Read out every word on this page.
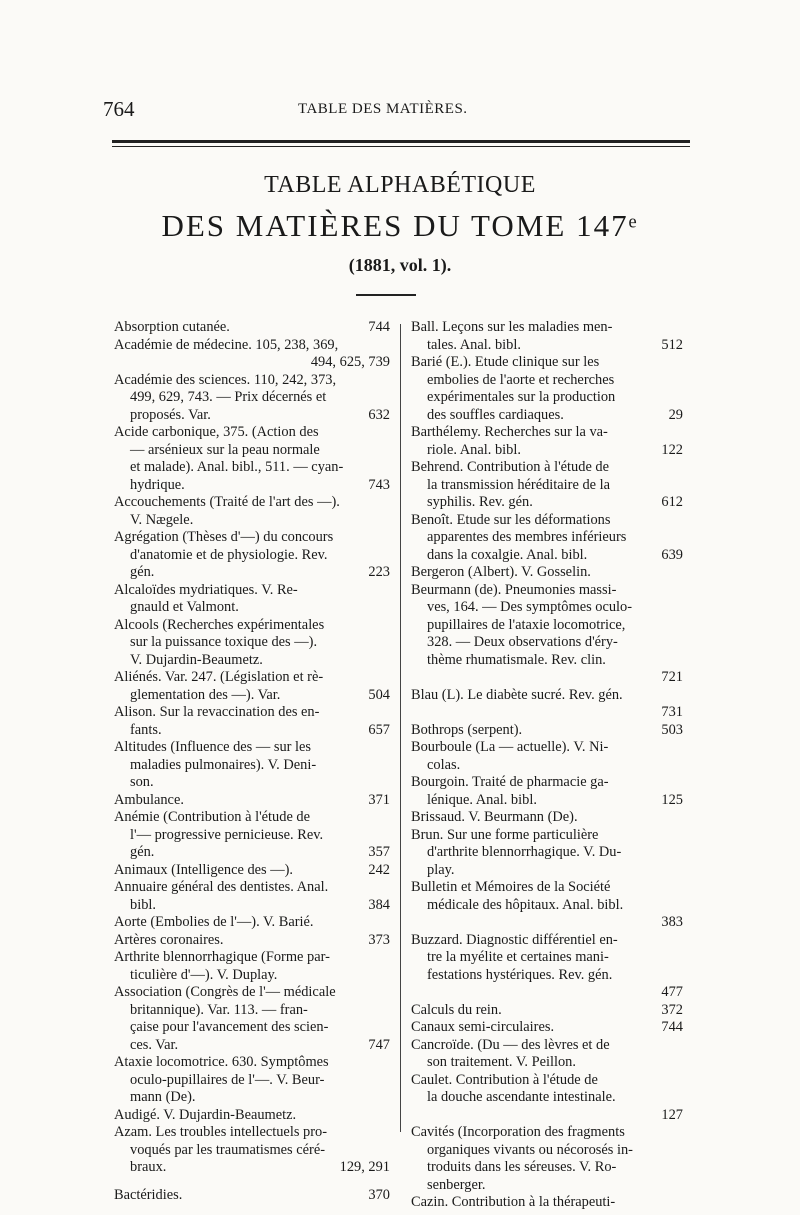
764	TABLE DES MATIÈRES.
TABLE ALPHABÉTIQUE
DES MATIÈRES DU TOME 147ᵉ
(1881, vol. 1).
Absorption cutanée.	744
Académie de médecine. 105, 238, 369,
494, 625, 739
Académie des sciences. 110, 242, 373,
499, 629, 743. — Prix décernés et
proposés. Var.	632
Acide carbonique, 375. (Action des
— arsénieux sur la peau normale
et malade). Anal. bibl., 511. — cyan-
hydrique.	743
Accouchements (Traité de l'art des —).
V. Nægele.
Agrégation (Thèses d'—) du concours
d'anatomie et de physiologie. Rev.
gén.	223
Alcaloïdes mydriatiques. V. Re-
gnauld et Valmont.
Alcools (Recherches expérimentales
sur la puissance toxique des —).
V. Dujardin-Beaumetz.
Aliénés. Var. 247. (Législation et rè-
glementation des —). Var.	504
Alison. Sur la revaccination des en-
fants.	657
Altitudes (Influence des — sur les
maladies pulmonaires). V. Deni-
son.
Ambulance.	371
Anémie (Contribution à l'étude de
l'— progressive pernicieuse. Rev.
gén.	357
Animaux (Intelligence des —).	242
Annuaire général des dentistes. Anal.
bibl.	384
Aorte (Embolies de l'—). V. Barié.
Artères coronaires.	373
Arthrite blennorrhagique (Forme par-
ticulière d'—). V. Duplay.
Association (Congrès de l'— médicale
britannique). Var. 113. — fran-
çaise pour l'avancement des scien-
ces. Var.	747
Ataxie locomotrice. 630. Symptômes
oculo-pupillaires de l'—. V. Beur-
mann (De).
Audigé. V. Dujardin-Beaumetz.
Azam. Les troubles intellectuels pro-
voqués par les traumatismes céré-
braux.	129, 291
Bactéridies.	370
Ball. Leçons sur les maladies men-
tales. Anal. bibl.	512
Barié (E.). Etude clinique sur les
embolies de l'aorte et recherches
expérimentales sur la production
des souffles cardiaques.	29
Barthélemy. Recherches sur la va-
riole. Anal. bibl.	122
Behrend. Contribution à l'étude de
la transmission héréditaire de la
syphilis. Rev. gén.	612
Benoît. Etude sur les déformations
apparentes des membres inférieurs
dans la coxalgie. Anal. bibl.	639
Bergeron (Albert). V. Gosselin.
Beurmann (de). Pneumonies massi-
ves, 164. — Des symptômes oculo-
pupillaires de l'ataxie locomotrice,
328. — Deux observations d'éry-
thème rhumatismale. Rev. clin.
721
Blau (L). Le diabète sucré. Rev. gén.
731
Bothrops (serpent).	503
Bourboule (La — actuelle). V. Ni-
colas.
Bourgoin. Traité de pharmacie ga-
lénique. Anal. bibl.	125
Brissaud. V. Beurmann (De).
Brun. Sur une forme particulière
d'arthrite blennorrhagique. V. Du-
play.
Bulletin et Mémoires de la Société
médicale des hôpitaux. Anal. bibl.
383
Buzzard. Diagnostic différentiel en-
tre la myélite et certaines mani-
festations hystériques. Rev. gén.
477
Calculs du rein.	372
Canaux semi-circulaires.	744
Cancroïde. (Du — des lèvres et de
son traitement. V. Peillon.
Caulet. Contribution à l'étude de
la douche ascendante intestinale.
127
Cavités (Incorporation des fragments
organiques vivants ou nécorosés in-
troduits dans les séreuses. V. Ro-
senberger.
Cazin. Contribution à la thérapeuti-
